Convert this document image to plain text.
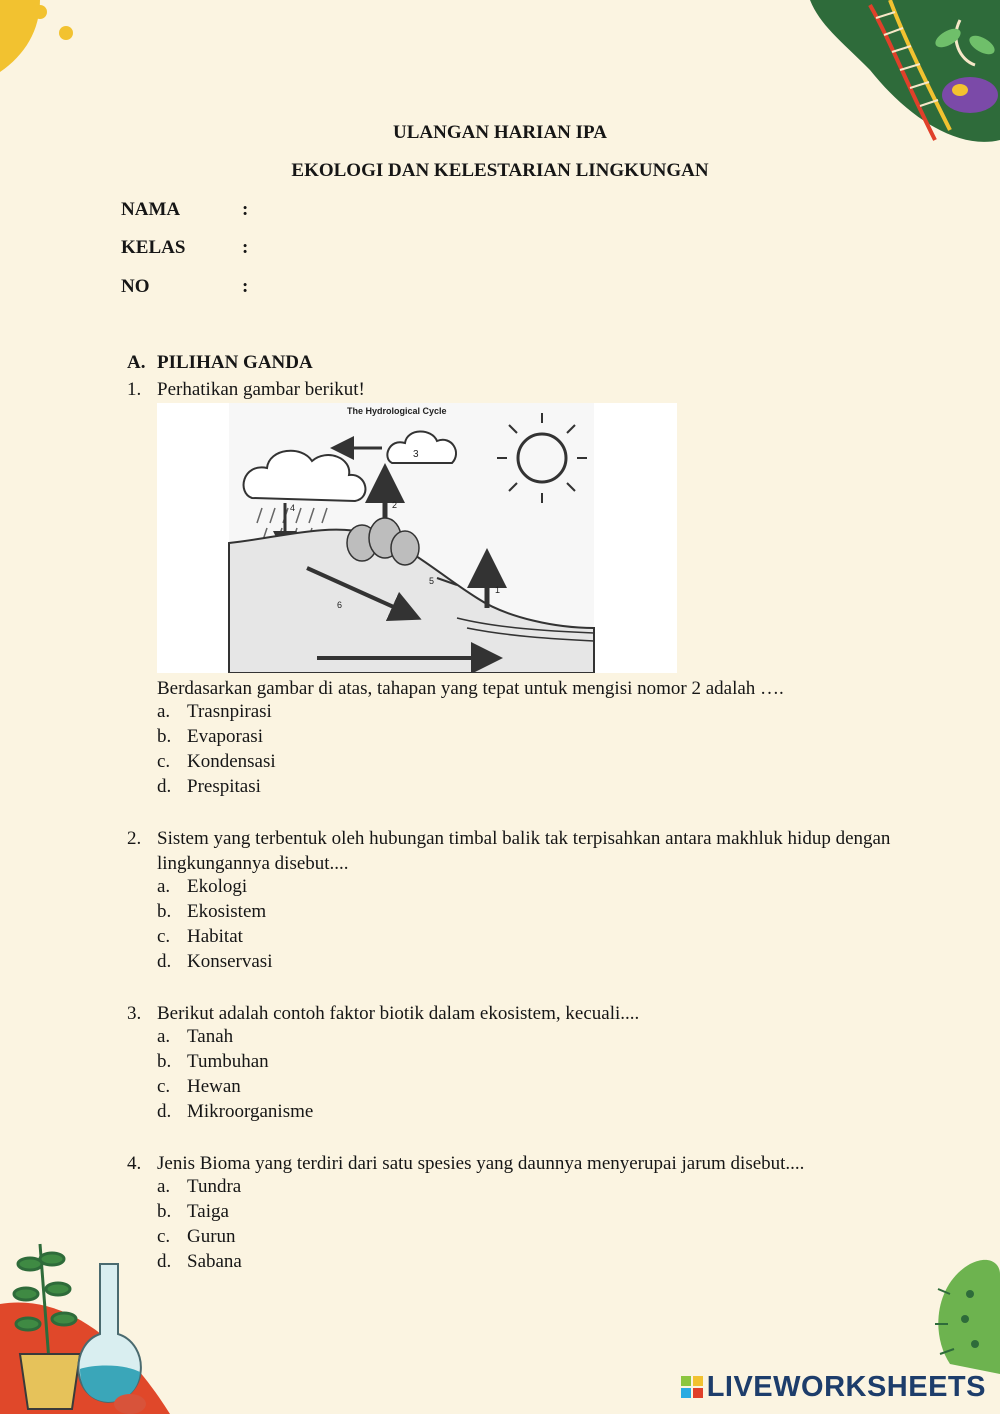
ULANGAN HARIAN IPA
EKOLOGI DAN KELESTARIAN LINGKUNGAN
NAMA	:
KELAS	:
NO	:
A. PILIHAN GANDA
1. Perhatikan gambar berikut!
The Hydrological Cycle
3
4	2
1
6
5
Berdasarkan gambar di atas, tahapan yang tepat untuk mengisi nomor 2 adalah ….
a. Trasnpirasi
b. Evaporasi
c. Kondensasi
d. Prespitasi
2. Sistem yang terbentuk oleh hubungan timbal balik tak terpisahkan antara makhluk hidup dengan lingkungannya disebut....
a. Ekologi
b. Ekosistem
c. Habitat
d. Konservasi
3. Berikut adalah contoh faktor biotik dalam ekosistem, kecuali....
a. Tanah
b. Tumbuhan
c. Hewan
d. Mikroorganisme
4. Jenis Bioma yang terdiri dari satu spesies yang daunnya menyerupai jarum disebut....
a. Tundra
b. Taiga
c. Gurun
d. Sabana
LIVEWORKSHEETS
